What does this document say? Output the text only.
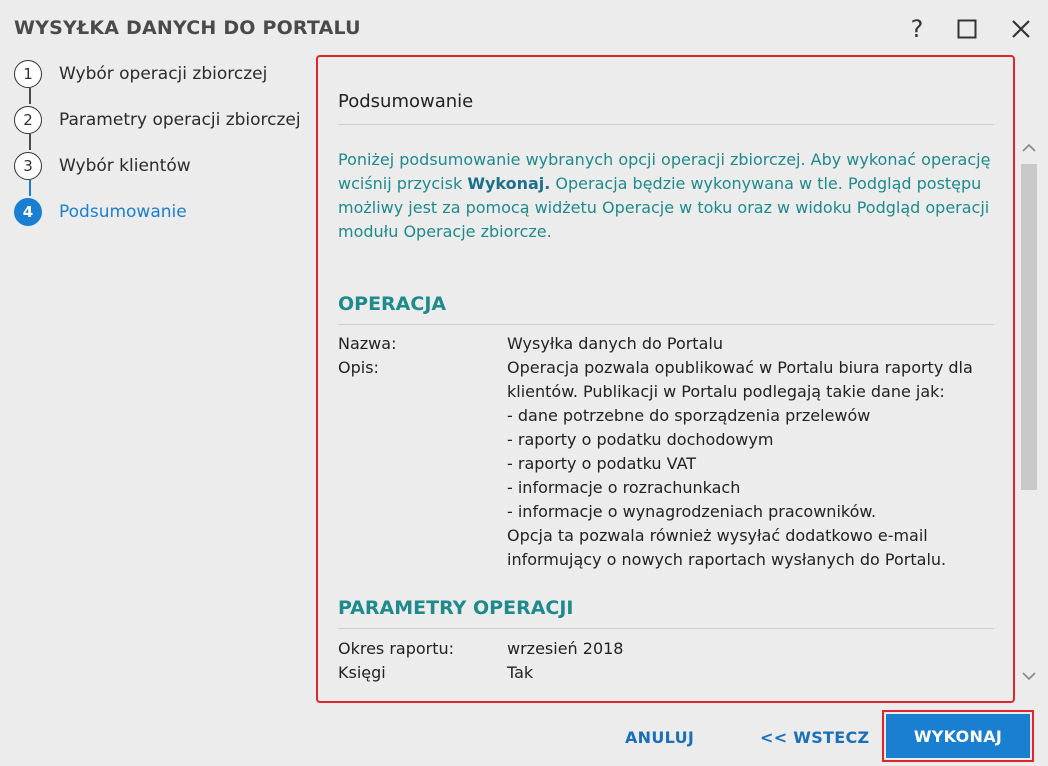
WYSYŁKA DANYCH DO PORTALU	?
1	Wybór operacji zbiorczej
2	Parametry operacji zbiorczej
3	Wybór klientów
4	Podsumowanie
Podsumowanie
Poniżej podsumowanie wybranych opcji operacji zbiorczej. Aby wykonać operację wciśnij przycisk Wykonaj. Operacja będzie wykonywana w tle. Podgląd postępu możliwy jest za pomocą widżetu Operacje w toku oraz w widoku Podgląd operacji modułu Operacje zbiorcze.
OPERACJA
Nazwa:	Wysyłka danych do Portalu
Opis:	Operacja pozwala opublikować w Portalu biura raporty dla
klientów. Publikacji w Portalu podlegają takie dane jak:
- dane potrzebne do sporządzenia przelewów
- raporty o podatku dochodowym
- raporty o podatku VAT
- informacje o rozrachunkach
- informacje o wynagrodzeniach pracowników.
Opcja ta pozwala również wysyłać dodatkowo e-mail
informujący o nowych raportach wysłanych do Portalu.
PARAMETRY OPERACJI
Okres raportu:	wrzesień 2018
Księgi	Tak
ANULUJ	<< WSTECZ	WYKONAJ
